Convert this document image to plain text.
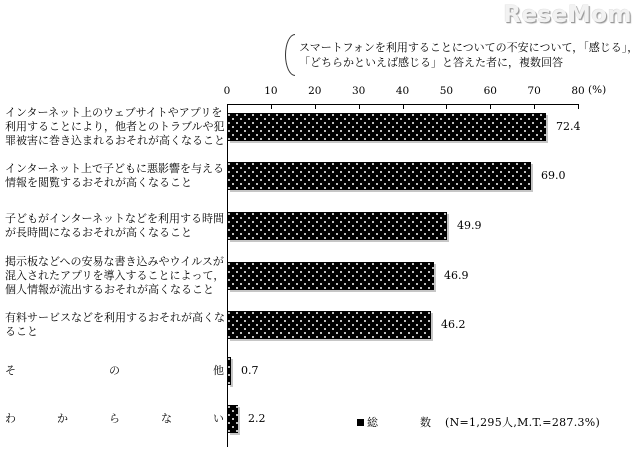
ReseMom
スマートフォンを利用することについての不安について，「感じる」，
「どちらかといえば感じる」と答えた者に，複数回答
(%)
0	10	20	30	40	50	60	70	80
インターネット上のウェブサイトやアプリを
利用することにより，他者とのトラブルや犯
罪被害に巻き込まれるおそれが高くなること
72.4
インターネット上で子どもに悪影響を与える
情報を閲覧するおそれが高くなること
69.0
子どもがインターネットなどを利用する時間
が長時間になるおそれが高くなること
49.9
掲示板などへの安易な書き込みやウイルスが
混入されたアプリを導入することによって，
個人情報が流出するおそれが高くなること
46.9
有料サービスなどを利用するおそれが高くな
ること
46.2
そ	の	他 0.7
わ	か	ら	な	い 2.2	総	数 (N=1,295人,M.T.=287.3%)
